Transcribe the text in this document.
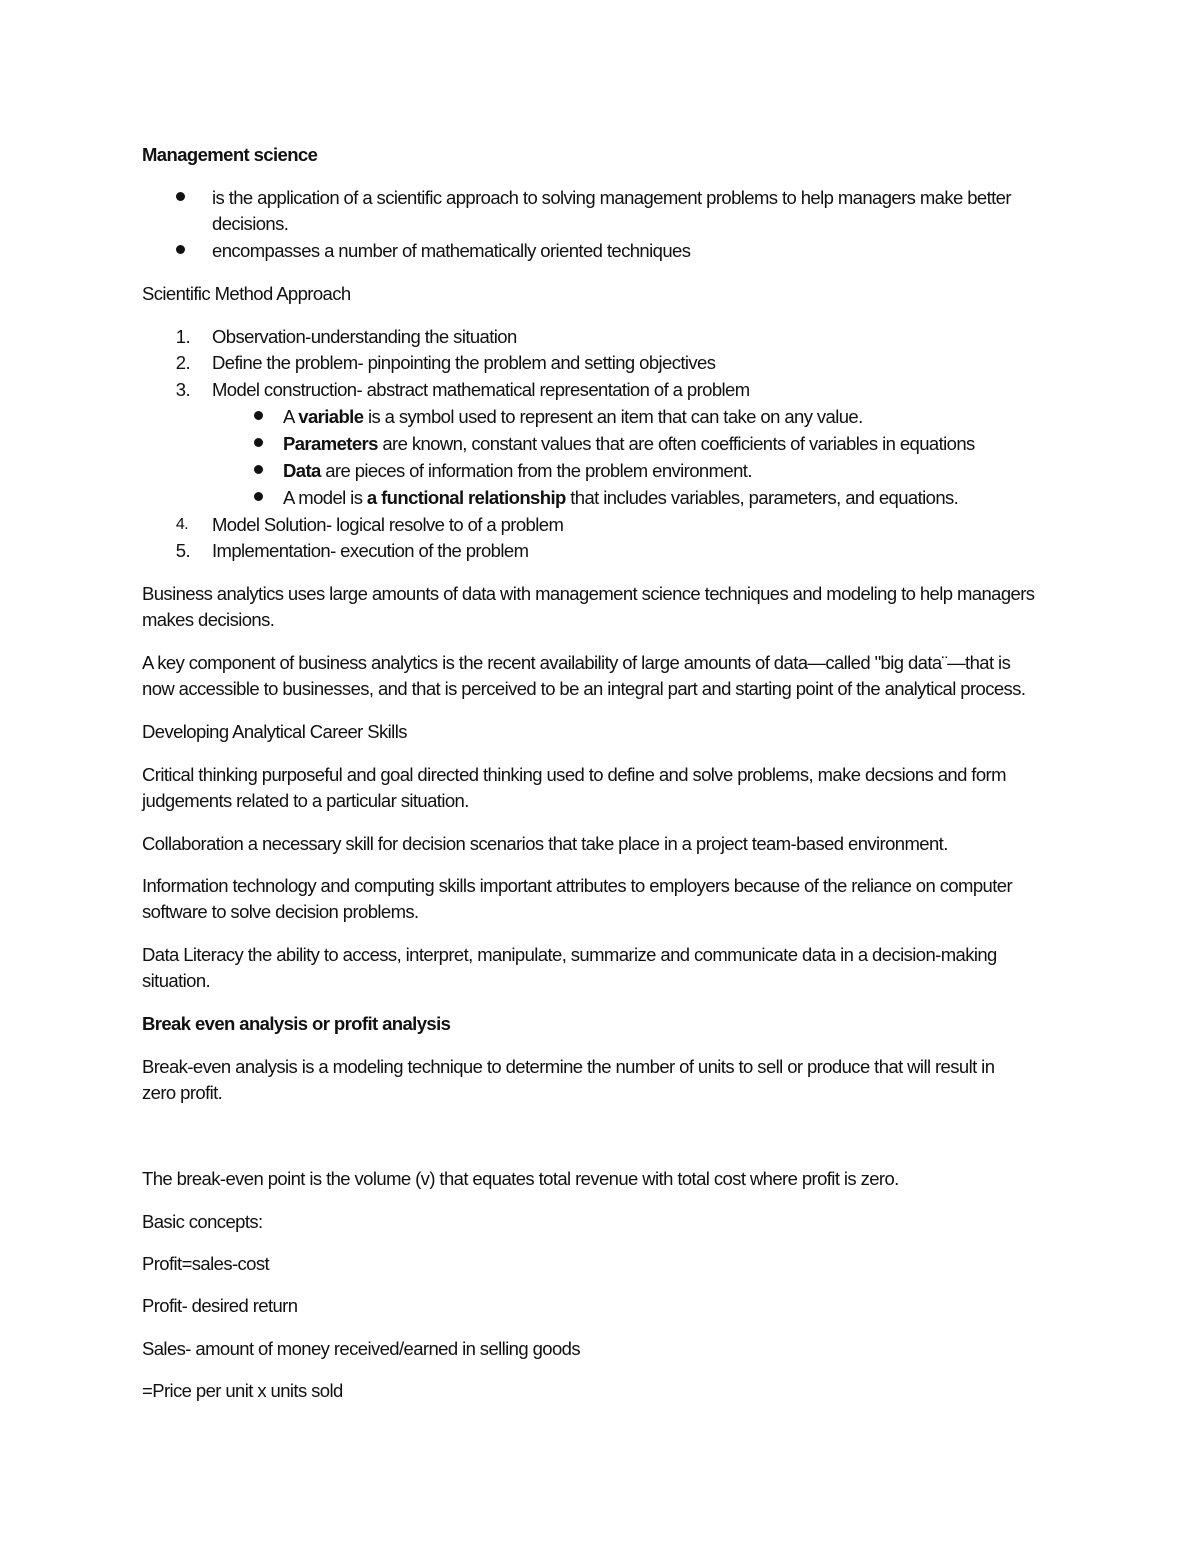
Management science
is the application of a scientific approach to solving management problems to help managers make better
decisions.
encompasses a number of mathematically oriented techniques
Scientific Method Approach
1. Observation-understanding the situation
2. Define the problem- pinpointing the problem and setting objectives
3. Model construction- abstract mathematical representation of a problem
A variable is a symbol used to represent an item that can take on any value.
Parameters are known, constant values that are often coefficients of variables in equations
Data are pieces of information from the problem environment.
A model is a functional relationship that includes variables, parameters, and equations.
4. Model Solution- logical resolve to of a problem
5. Implementation- execution of the problem
Business analytics uses large amounts of data with management science techniques and modeling to help managers
makes decisions.
A key component of business analytics is the recent availability of large amounts of data—called "big data¨—that is
now accessible to businesses, and that is perceived to be an integral part and starting point of the analytical process.
Developing Analytical Career Skills
Critical thinking purposeful and goal directed thinking used to define and solve problems, make decsions and form
judgements related to a particular situation.
Collaboration a necessary skill for decision scenarios that take place in a project team-based environment.
Information technology and computing skills important attributes to employers because of the reliance on computer
software to solve decision problems.
Data Literacy the ability to access, interpret, manipulate, summarize and communicate data in a decision-making
situation.
Break even analysis or profit analysis
Break-even analysis is a modeling technique to determine the number of units to sell or produce that will result in
zero profit.
The break-even point is the volume (v) that equates total revenue with total cost where profit is zero.
Basic concepts:
Profit=sales-cost
Profit- desired return
Sales- amount of money received/earned in selling goods
=Price per unit x units sold
